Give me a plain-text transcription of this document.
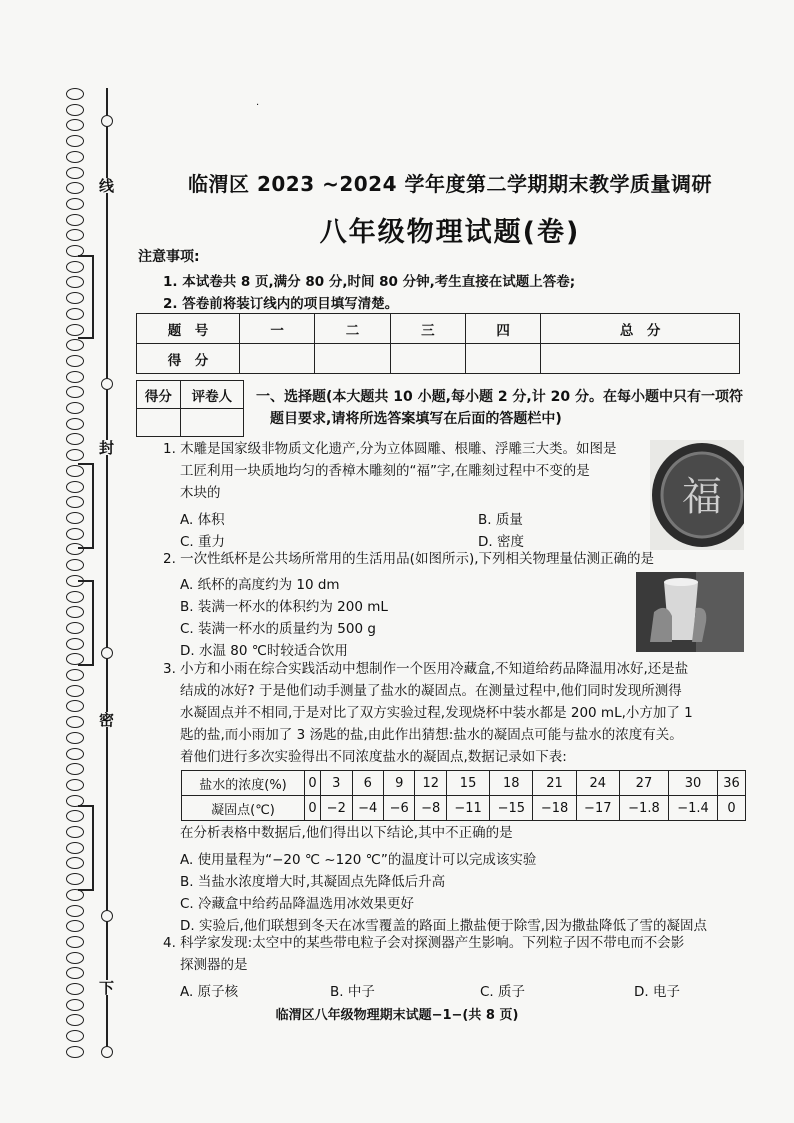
线
封
密
下
·
临渭区 2023 ~2024 学年度第二学期期末教学质量调研
八年级物理试题(卷)
注意事项:
1. 本试卷共 8 页,满分 80 分,时间 80 分钟,考生直接在试题上答卷;
2. 答卷前将装订线内的项目填写清楚。
题　号	一	二	三	四	总　分
得　分					
得分	评卷人
	一、选择题(本大题共 10 小题,每小题 2 分,计 20 分。在每小题中只有一项符
题目要求,请将所选答案填写在后面的答题栏中)
1. 木雕是国家级非物质文化遗产,分为立体圆雕、根雕、浮雕三大类。如图是
工匠利用一块质地均匀的香樟木雕刻的“福”字,在雕刻过程中不变的是
木块的
A. 体积	B. 质量
C. 重力	D. 密度
福
2. 一次性纸杯是公共场所常用的生活用品(如图所示),下列相关物理量估测正确的是
A. 纸杯的高度约为 10 dm
B. 装满一杯水的体积约为 200 mL
C. 装满一杯水的质量约为 500 g
D. 水温 80 ℃时较适合饮用
3. 小方和小雨在综合实践活动中想制作一个医用冷藏盒,不知道给药品降温用冰好,还是盐
结成的冰好? 于是他们动手测量了盐水的凝固点。在测量过程中,他们同时发现所测得
水凝固点并不相同,于是对比了双方实验过程,发现烧杯中装水都是 200 mL,小方加了 1
匙的盐,而小雨加了 3 汤匙的盐,由此作出猜想:盐水的凝固点可能与盐水的浓度有关。
着他们进行多次实验得出不同浓度盐水的凝固点,数据记录如下表:
盐水的浓度(%)	0	3	6	9	12	15	18	21	24	27	30	36
凝固点(℃)	0	−2	−4	−6	−8	−11	−15	−18	−17	−1.8	−1.4	0
在分析表格中数据后,他们得出以下结论,其中不正确的是
A. 使用量程为“−20 ℃ ~120 ℃”的温度计可以完成该实验
B. 当盐水浓度增大时,其凝固点先降低后升高
C. 冷藏盒中给药品降温选用冰效果更好
D. 实验后,他们联想到冬天在冰雪覆盖的路面上撒盐便于除雪,因为撒盐降低了雪的凝固点
4. 科学家发现:太空中的某些带电粒子会对探测器产生影响。下列粒子因不带电而不会影
探测器的是
A. 原子核	B. 中子	C. 质子	D. 电子
临渭区八年级物理期末试题−1−(共 8 页)
